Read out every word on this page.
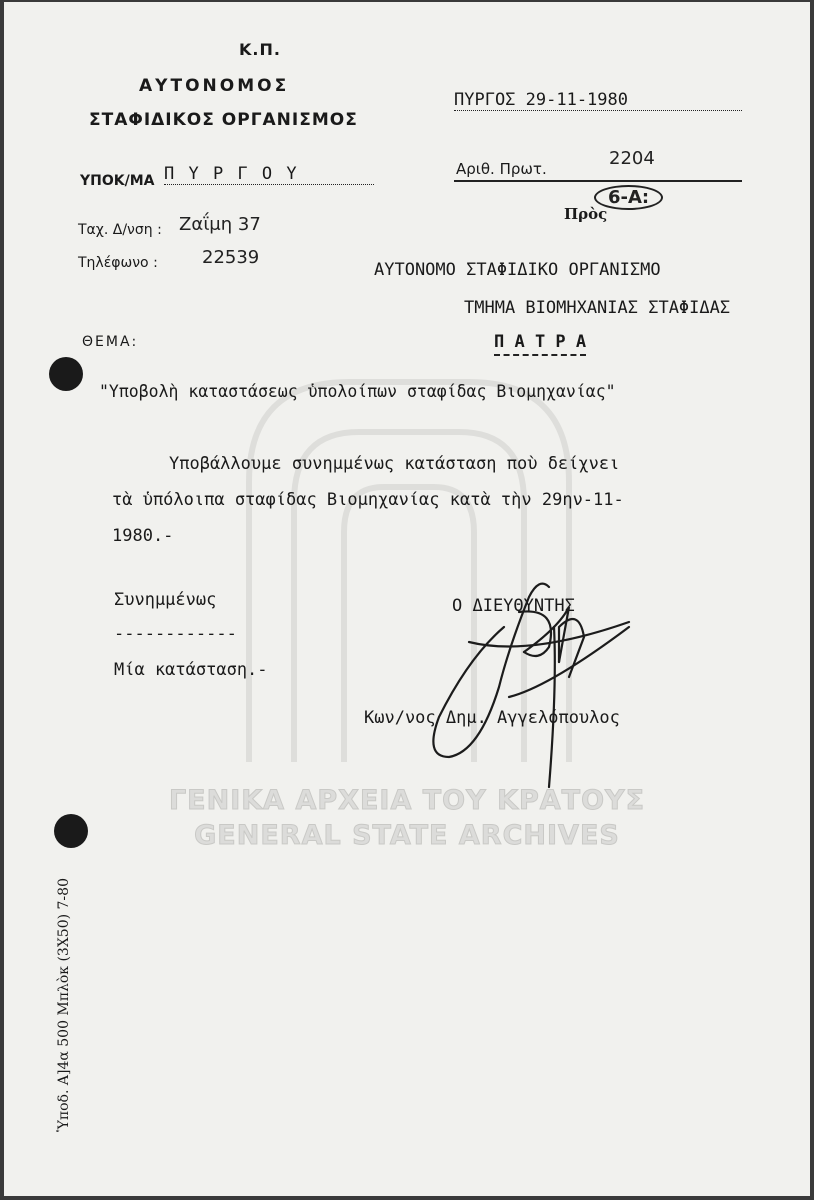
ΓΕΝΙΚΑ ΑΡΧΕΙΑ ΤΟΥ ΚΡΑΤΟΥΣ
GENERAL STATE ARCHIVES
Κ.Π.
ΑΥΤΟΝΟΜΟΣ
ΣΤΑΦΙΔΙΚΟΣ ΟΡΓΑΝΙΣΜΟΣ
ΥΠΟΚ/ΜΑ Π Υ Ρ Γ Ο Υ
Ταχ. Δ/νση : Ζαΐμη 37
Τηλέφωνο : 22539
ΠΥΡΓΟΣ 29-11-1980
Αριθ. Πρωτ.	2204
6-Α:
Πρὸς
ΑΥΤΟΝΟΜΟ ΣΤΑΦΙΔΙΚΟ ΟΡΓΑΝΙΣΜΟ
ΤΜΗΜΑ ΒΙΟΜΗΧΑΝΙΑΣ ΣΤΑΦΙΔΑΣ
Π Α Τ Ρ Α
ΘΕΜΑ:
"Υποβολὴ καταστάσεως ὑπολοίπων σταφίδας Βιομηχανίας"
Υποβάλλουμε συνημμένως κατάσταση ποὺ δείχνει
τὰ ὑπόλοιπα σταφίδας Βιομηχανίας κατὰ τὴν 29ην-11-
1980.-
Συνημμένως
------------
Μία κατάσταση.-
Ο ΔΙΕΥΘΥΝΤΗΣ
Κων/νος Δημ. Αγγελόπουλος
Ὑποδ. Α]4α 500 Μπλὸκ (3Χ50) 7-80
